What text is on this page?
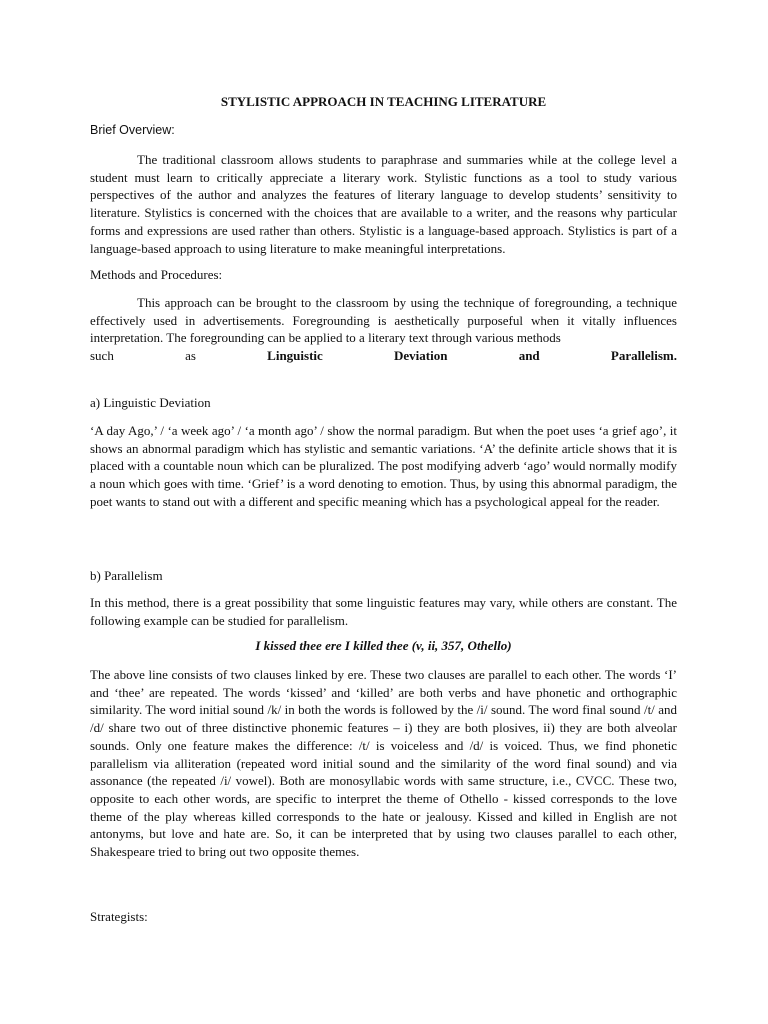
STYLISTIC APPROACH IN TEACHING LITERATURE
Brief Overview:

The traditional classroom allows students to paraphrase and summaries while at the college level a student must learn to critically appreciate a literary work. Stylistic functions as a tool to study various perspectives of the author and analyzes the features of literary language to develop students’ sensitivity to literature. Stylistics is concerned with the choices that are available to a writer, and the reasons why particular forms and expressions are used rather than others. Stylistic is a language-based approach. Stylistics is part of a language-based approach to using literature to make meaningful interpretations.

Methods and Procedures:

This approach can be brought to the classroom by using the technique of foregrounding, a technique effectively used in advertisements. Foregrounding is aesthetically purposeful when it vitally influences interpretation. The foregrounding can be applied to a literary text through various methods

such	as	Linguistic	Deviation	and	Parallelism.
a) Linguistic Deviation

‘A day Ago,’ / ‘a week ago’ / ‘a month ago’ / show the normal paradigm. But when the poet uses ‘a grief ago’, it shows an abnormal paradigm which has stylistic and semantic variations. ‘A’ the definite article shows that it is placed with a countable noun which can be pluralized. The post modifying adverb ‘ago’ would normally modify a noun which goes with time. ‘Grief’ is a word denoting to emotion. Thus, by using this abnormal paradigm, the poet wants to stand out with a different and specific meaning which has a psychological appeal for the reader.

b) Parallelism

In this method, there is a great possibility that some linguistic features may vary, while others are constant. The following example can be studied for parallelism.

I kissed thee ere I killed thee (v, ii, 357, Othello)

The above line consists of two clauses linked by ere. These two clauses are parallel to each other. The words ‘I’ and ‘thee’ are repeated. The words ‘kissed’ and ‘killed’ are both verbs and have phonetic and orthographic similarity. The word initial sound /k/ in both the words is followed by the /i/ sound. The word final sound /t/ and /d/ share two out of three distinctive phonemic features – i) they are both plosives, ii) they are both alveolar sounds. Only one feature makes the difference: /t/ is voiceless and /d/ is voiced. Thus, we find phonetic parallelism via alliteration (repeated word initial sound and the similarity of the word final sound) and via assonance (the repeated /i/ vowel). Both are monosyllabic words with same structure, i.e., CVCC. These two, opposite to each other words, are specific to interpret the theme of Othello - kissed corresponds to the love theme of the play whereas killed corresponds to the hate or jealousy. Kissed and killed in English are not antonyms, but love and hate are. So, it can be interpreted that by using two clauses parallel to each other, Shakespeare tried to bring out two opposite themes.

Strategists:
